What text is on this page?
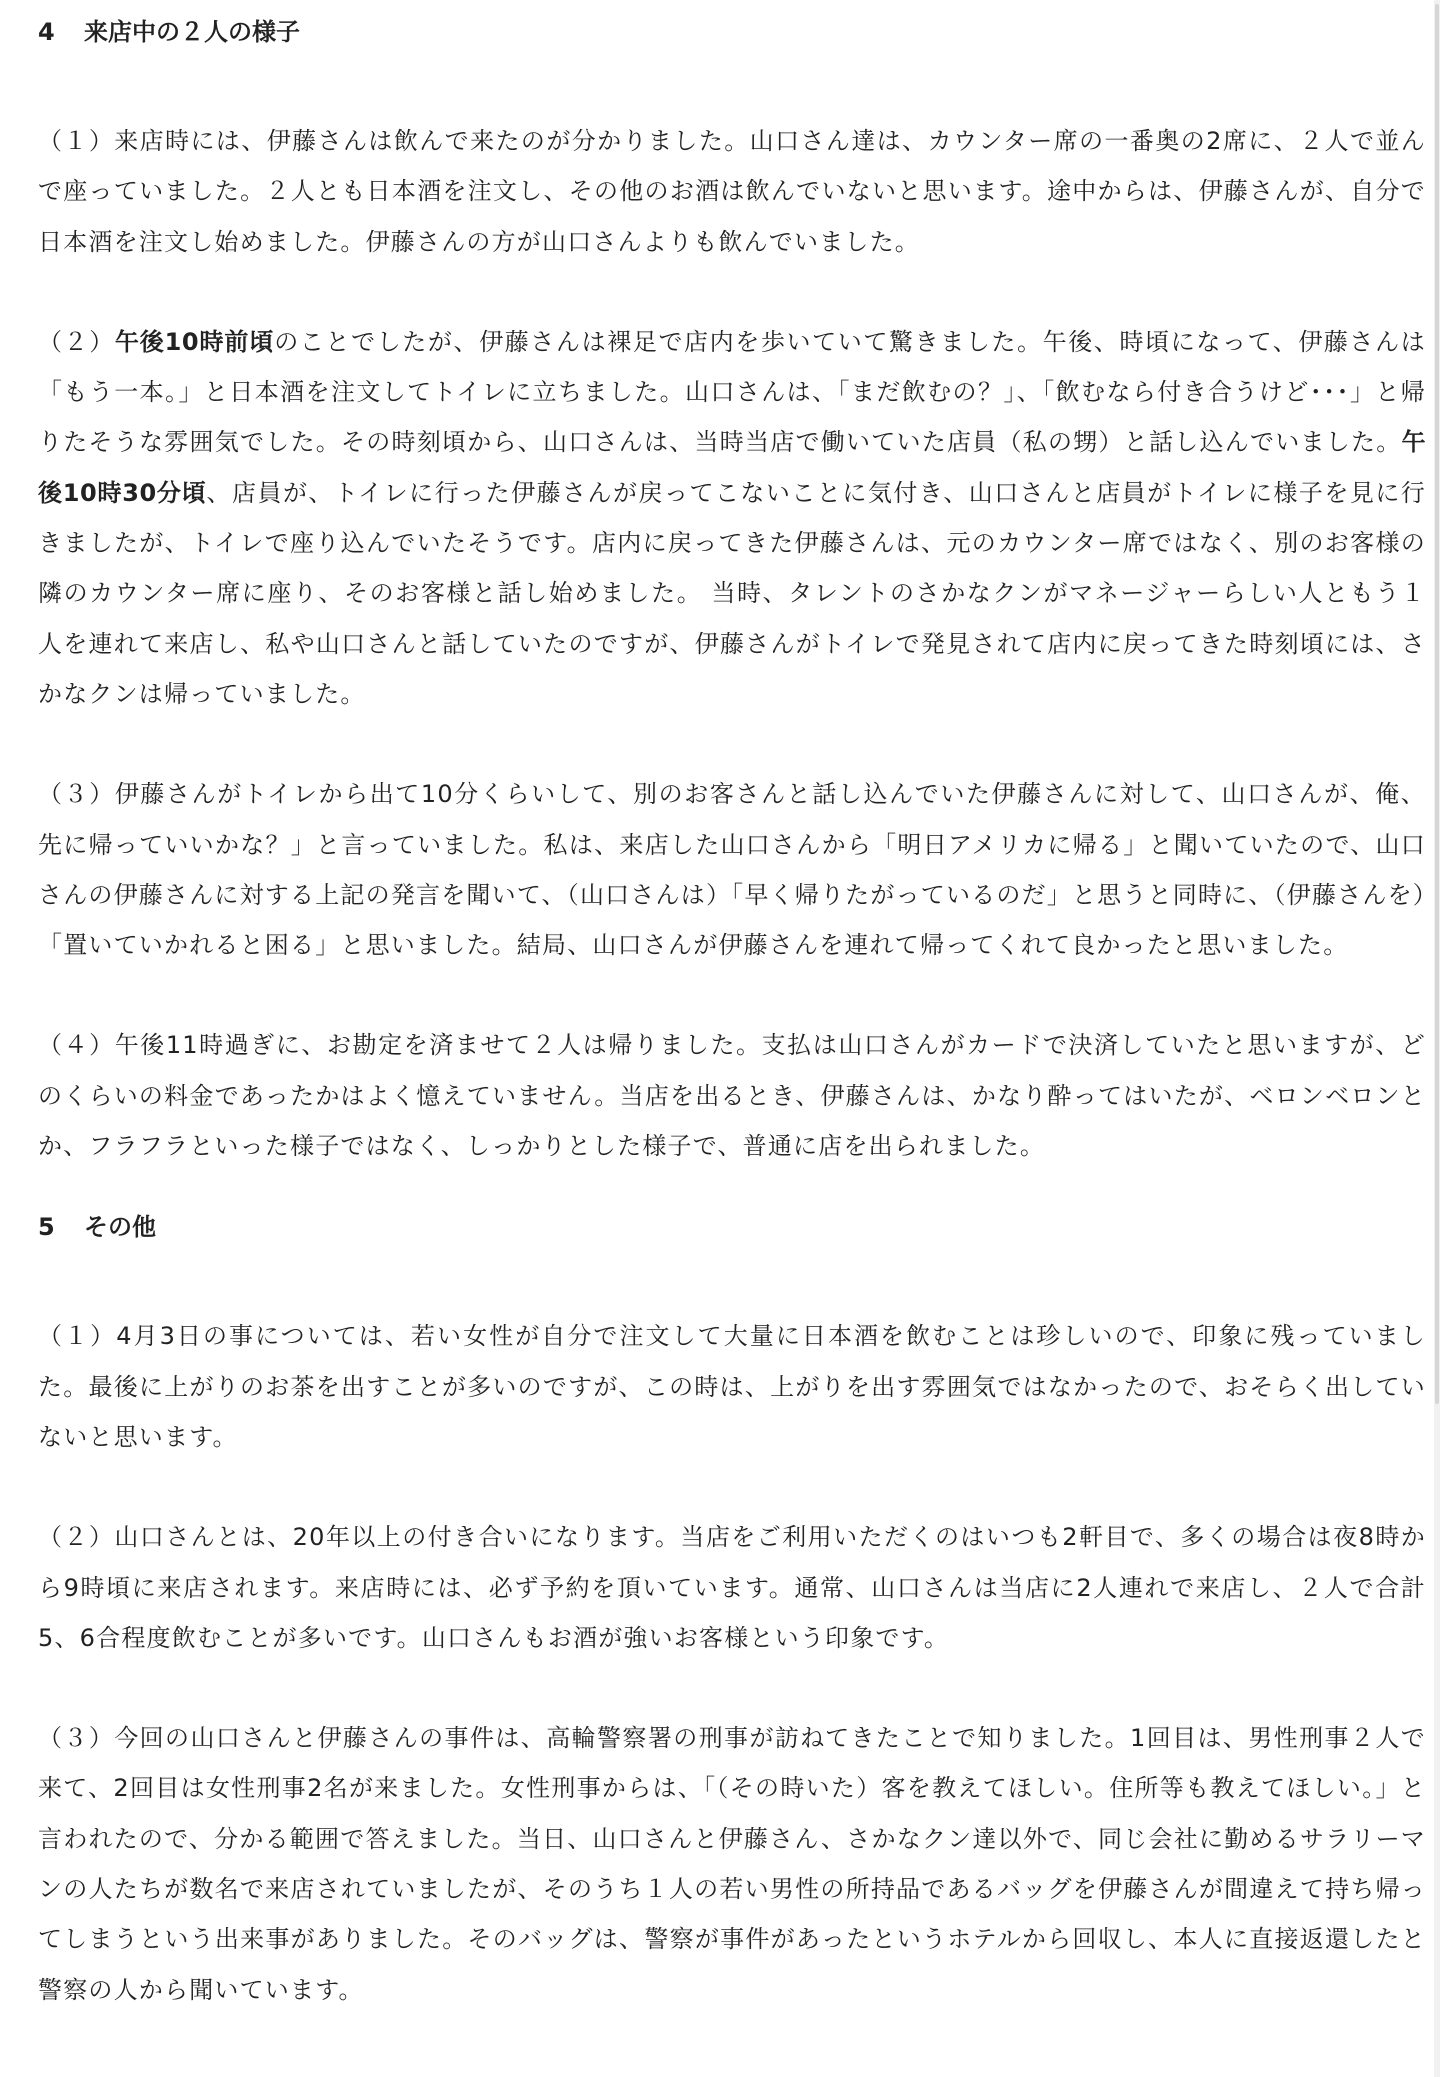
4 来店中の２人の様子

（１）来店時には、伊藤さんは飲んで来たのが分かりました。山口さん達は、カウンター席の一番奥の2席に、２人で並んで座っていました。２人とも日本酒を注文し、その他のお酒は飲んでいないと思います。途中からは、伊藤さんが、自分で日本酒を注文し始めました。伊藤さんの方が山口さんよりも飲んでいました。

（２）午後10時前頃のことでしたが、伊藤さんは裸足で店内を歩いていて驚きました。午後、時頃になって、伊藤さんは「もう一本。」と日本酒を注文してトイレに立ちました。山口さんは、「まだ飲むの？」、「飲むなら付き合うけど･･･」と帰りたそうな雰囲気でした。その時刻頃から、山口さんは、当時当店で働いていた店員（私の甥）と話し込んでいました。午後10時30分頃、店員が、トイレに行った伊藤さんが戻ってこないことに気付き、山口さんと店員がトイレに様子を見に行きましたが、トイレで座り込んでいたそうです。店内に戻ってきた伊藤さんは、元のカウンター席ではなく、別のお客様の隣のカウンター席に座り、そのお客様と話し始めました。 当時、タレントのさかなクンがマネージャーらしい人ともう１人を連れて来店し、私や山口さんと話していたのですが、伊藤さんがトイレで発見されて店内に戻ってきた時刻頃には、さかなクンは帰っていました。

（３）伊藤さんがトイレから出て10分くらいして、別のお客さんと話し込んでいた伊藤さんに対して、山口さんが、俺、先に帰っていいかな？」と言っていました。私は、来店した山口さんから「明日アメリカに帰る」と聞いていたので、山口さんの伊藤さんに対する上記の発言を聞いて、（山口さんは）「早く帰りたがっているのだ」と思うと同時に、（伊藤さんを）「置いていかれると困る」と思いました。結局、山口さんが伊藤さんを連れて帰ってくれて良かったと思いました。

（４）午後11時過ぎに、お勘定を済ませて２人は帰りました。支払は山口さんがカードで決済していたと思いますが、どのくらいの料金であったかはよく憶えていません。当店を出るとき、伊藤さんは、かなり酔ってはいたが、ベロンベロンとか、フラフラといった様子ではなく、しっかりとした様子で、普通に店を出られました。

5 その他

（１）4月3日の事については、若い女性が自分で注文して大量に日本酒を飲むことは珍しいので、印象に残っていました。最後に上がりのお茶を出すことが多いのですが、この時は、上がりを出す雰囲気ではなかったので、おそらく出していないと思います。

（２）山口さんとは、20年以上の付き合いになります。当店をご利用いただくのはいつも2軒目で、多くの場合は夜8時から9時頃に来店されます。来店時には、必ず予約を頂いています。通常、山口さんは当店に2人連れで来店し、２人で合計5、6合程度飲むことが多いです。山口さんもお酒が強いお客様という印象です。

（３）今回の山口さんと伊藤さんの事件は、高輪警察署の刑事が訪ねてきたことで知りました。1回目は、男性刑事２人で来て、2回目は女性刑事2名が来ました。女性刑事からは、「（その時いた）客を教えてほしい。住所等も教えてほしい。」と言われたので、分かる範囲で答えました。当日、山口さんと伊藤さん、さかなクン達以外で、同じ会社に勤めるサラリーマンの人たちが数名で来店されていましたが、そのうち１人の若い男性の所持品であるバッグを伊藤さんが間違えて持ち帰ってしまうという出来事がありました。そのバッグは、警察が事件があったというホテルから回収し、本人に直接返還したと警察の人から聞いています。
